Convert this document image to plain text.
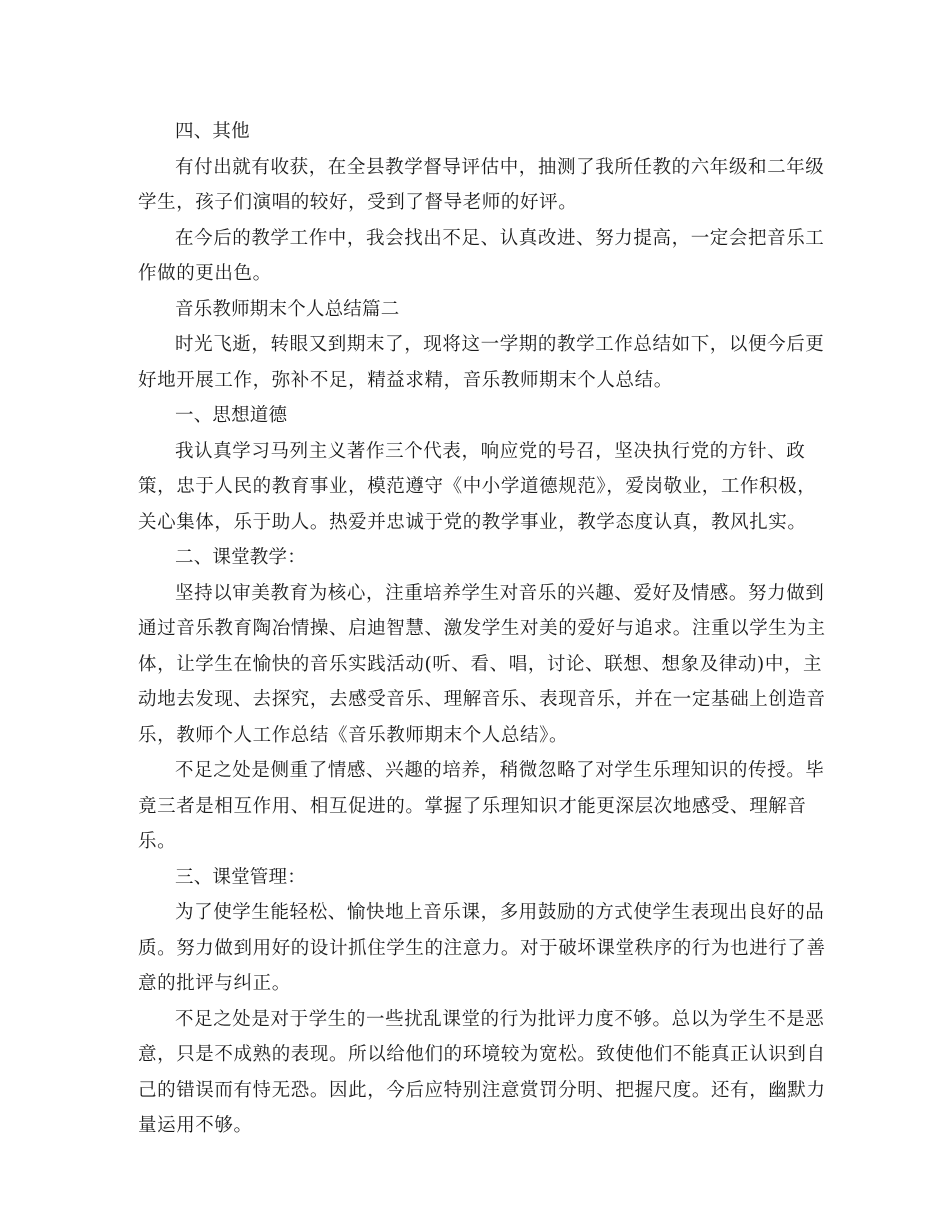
四、其他

有付出就有收获，在全县教学督导评估中，抽测了我所任教的六年级和二年级学生，孩子们演唱的较好，受到了督导老师的好评。

在今后的教学工作中，我会找出不足、认真改进、努力提高，一定会把音乐工作做的更出色。

音乐教师期末个人总结篇二

时光飞逝，转眼又到期末了，现将这一学期的教学工作总结如下，以便今后更好地开展工作，弥补不足，精益求精，音乐教师期末个人总结。

一、思想道德

我认真学习马列主义著作三个代表，响应党的号召，坚决执行党的方针、政策，忠于人民的教育事业，模范遵守《中小学道德规范》，爱岗敬业，工作积极，关心集体，乐于助人。热爱并忠诚于党的教学事业，教学态度认真，教风扎实。

二、课堂教学：

坚持以审美教育为核心，注重培养学生对音乐的兴趣、爱好及情感。努力做到通过音乐教育陶冶情操、启迪智慧、激发学生对美的爱好与追求。注重以学生为主体，让学生在愉快的音乐实践活动(听、看、唱，讨论、联想、想象及律动)中，主动地去发现、去探究，去感受音乐、理解音乐、表现音乐，并在一定基础上创造音乐，教师个人工作总结《音乐教师期末个人总结》。

不足之处是侧重了情感、兴趣的培养，稍微忽略了对学生乐理知识的传授。毕竟三者是相互作用、相互促进的。掌握了乐理知识才能更深层次地感受、理解音乐。

三、课堂管理：

为了使学生能轻松、愉快地上音乐课，多用鼓励的方式使学生表现出良好的品质。努力做到用好的设计抓住学生的注意力。对于破坏课堂秩序的行为也进行了善意的批评与纠正。

不足之处是对于学生的一些扰乱课堂的行为批评力度不够。总以为学生不是恶意，只是不成熟的表现。所以给他们的环境较为宽松。致使他们不能真正认识到自己的错误而有恃无恐。因此，今后应特别注意赏罚分明、把握尺度。还有，幽默力量运用不够。
